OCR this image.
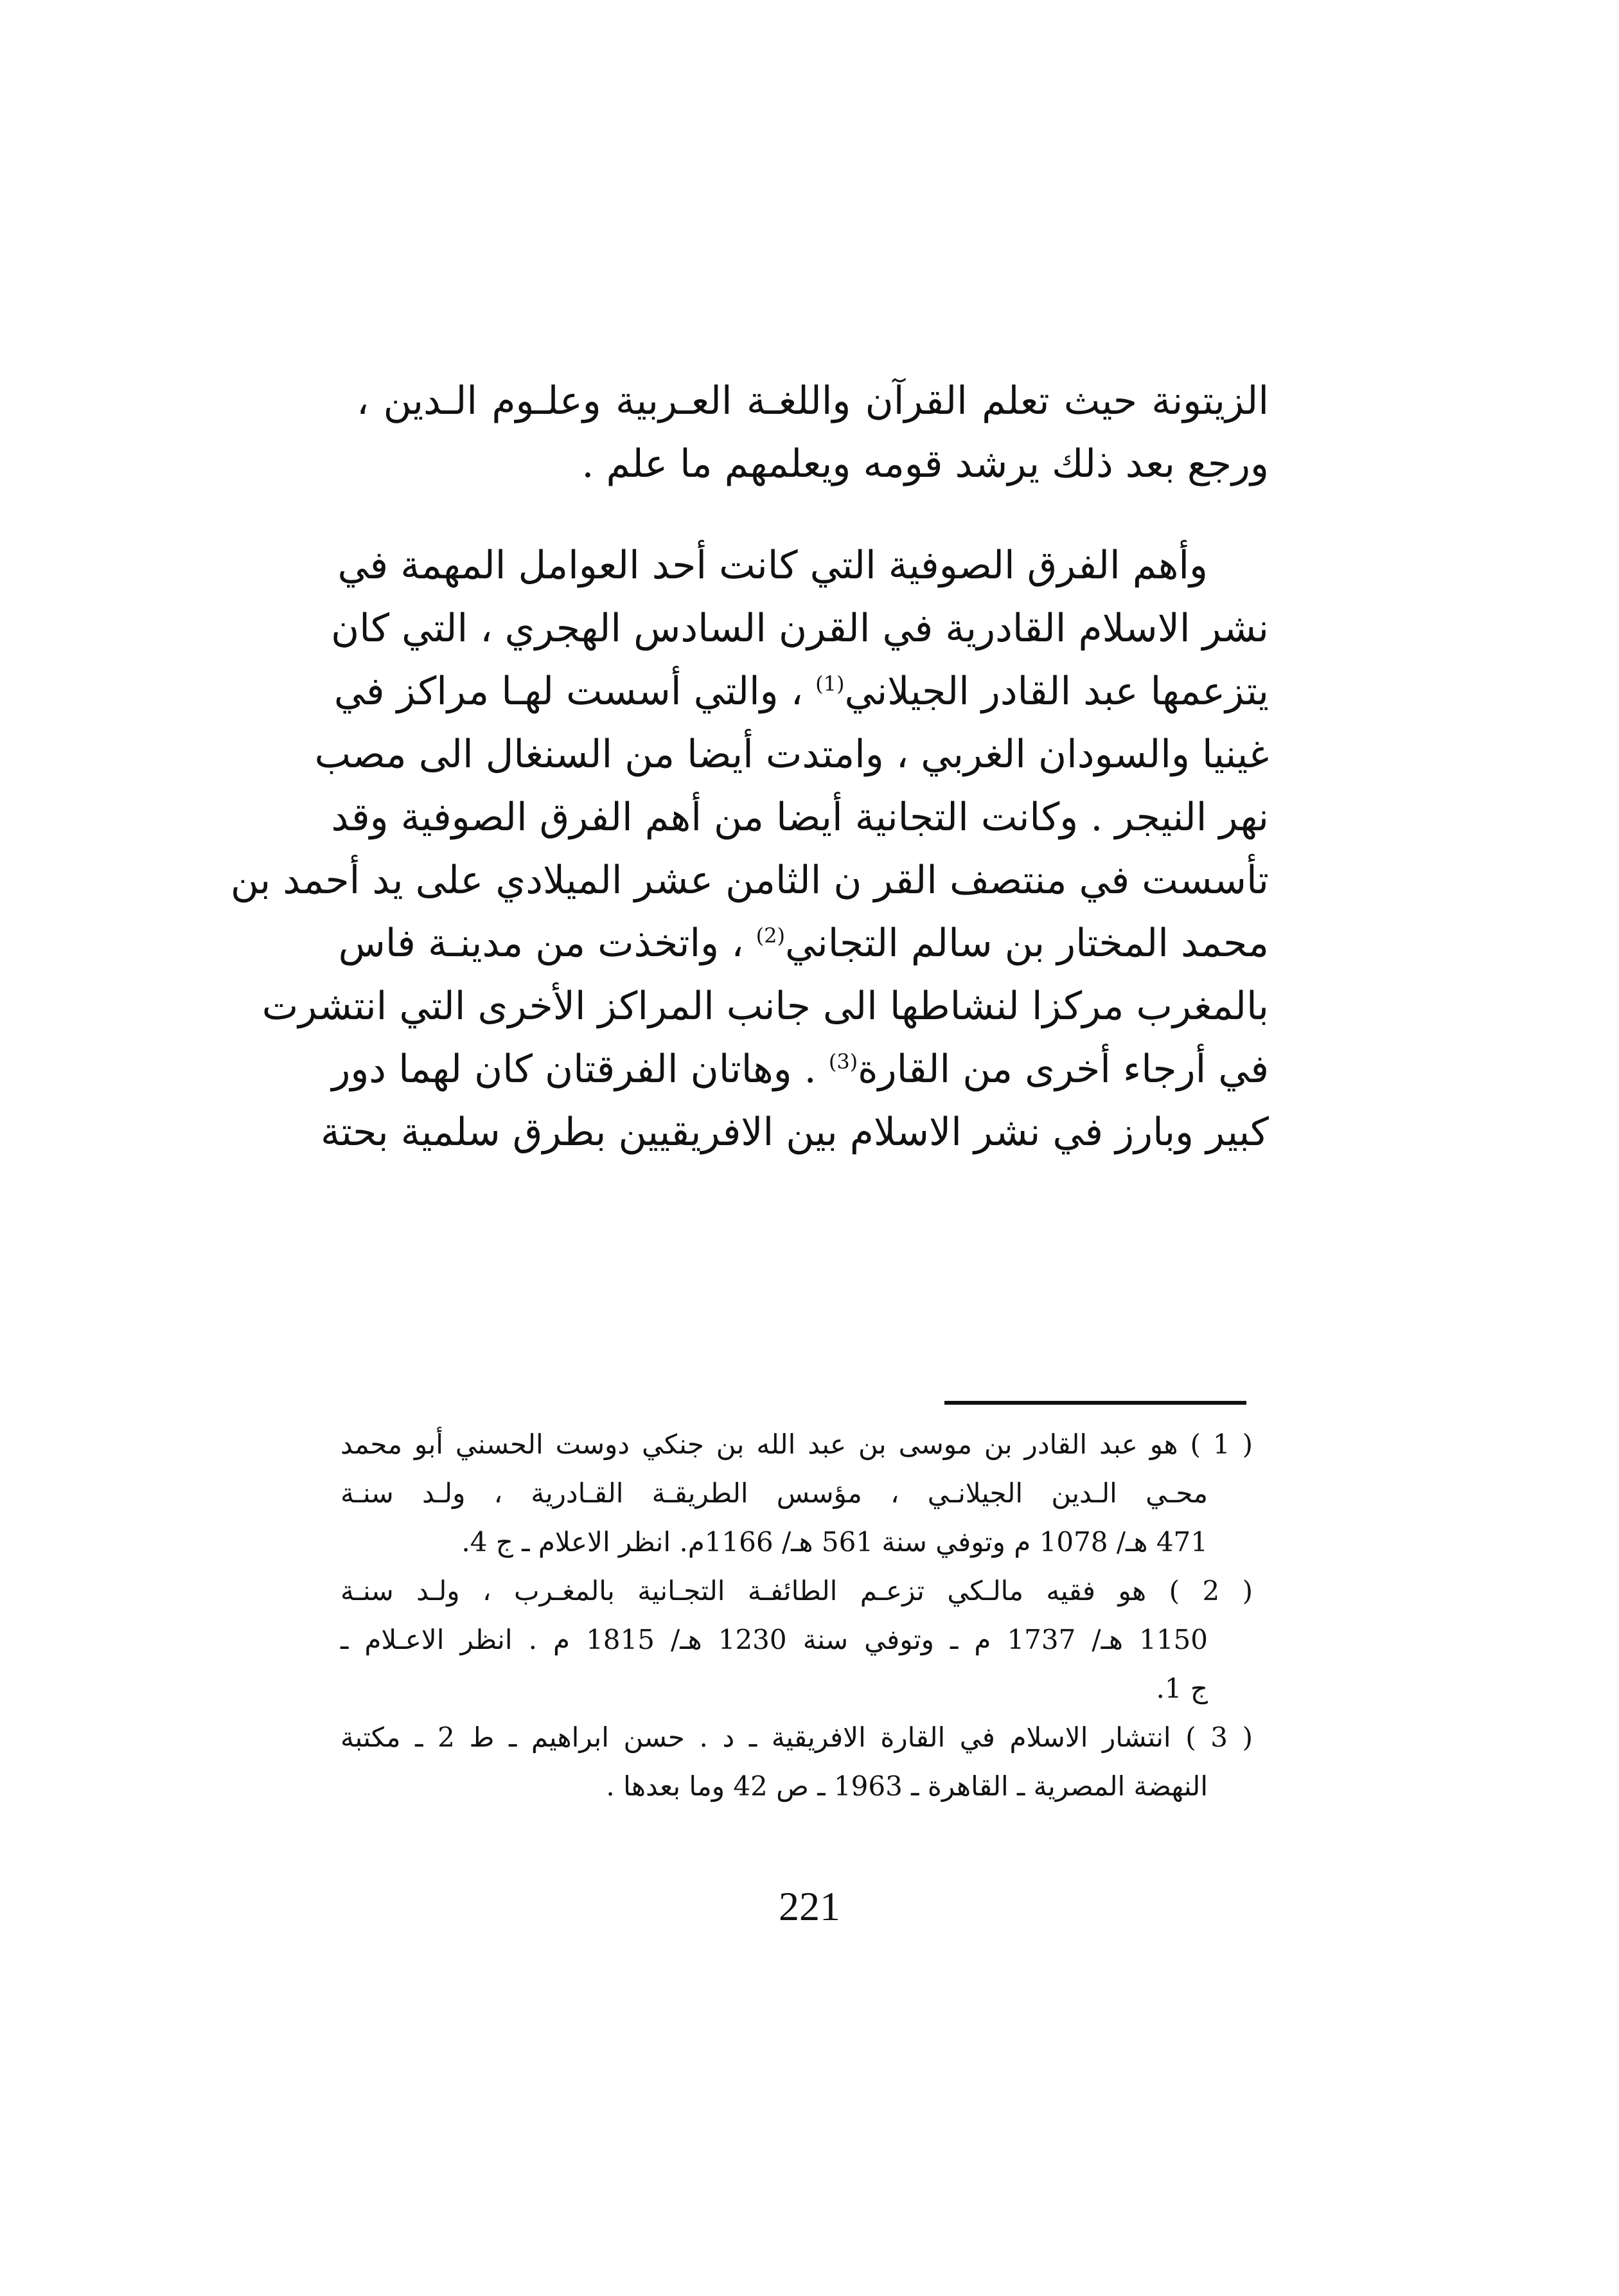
الزيتونة حيث تعلم القرآن واللغـة العـربية وعلـوم الـدين ،
ورجع بعد ذلك يرشد قومه ويعلمهم ما علم .
وأهم الفرق الصوفية التي كانت أحد العوامل المهمة في
نشر الاسلام القادرية في القرن السادس الهجري ، التي كان
يتزعمها عبد القادر الجيلاني$^{(1)}$ ، والتي أسست لهـا مراكز في
غينيا والسودان الغربي ، وامتدت أيضا من السنغال الى مصب
نهر النيجر . وكانت التجانية أيضا من أهم الفرق الصوفية وقد
تأسست في منتصف القر ن الثامن عشر الميلادي على يد أحمد بن
محمد المختار بن سالم التجاني$^{(2)}$ ، واتخذت من مدينـة فاس
بالمغرب مركزا لنشاطها الى جانب المراكز الأخرى التي انتشرت
في أرجاء أخرى من القارة$^{(3)}$ . وهاتان الفرقتان كان لهما دور
كبير وبارز في نشر الاسلام بين الافريقيين بطرق سلمية بحتة
( 1 ) هو عبد القادر بن موسى بن عبد الله بن جنكي دوست الحسني أبو محمد
محـي الـدين الجيلانـي ، مؤسس الطريقـة القـادرية ، ولـد سنـة
471 هـ/ 1078 م وتوفي سنة 561 هـ/ 1166م. انظر الاعلام ـ ج 4.
( 2 ) هو فقيه مالـكي تزعـم الطائفـة التجـانية بالمغـرب ، ولـد سنـة
1150 هـ/ 1737 م ـ وتوفي سنة 1230 هـ/ 1815 م . انظر الاعـلام ـ
ج 1.
( 3 ) انتشار الاسلام في القارة الافريقية ـ د . حسن ابراهيم ـ ط 2 ـ مكتبة
النهضة المصرية ـ القاهرة ـ 1963 ـ ص 42 وما بعدها .
221
